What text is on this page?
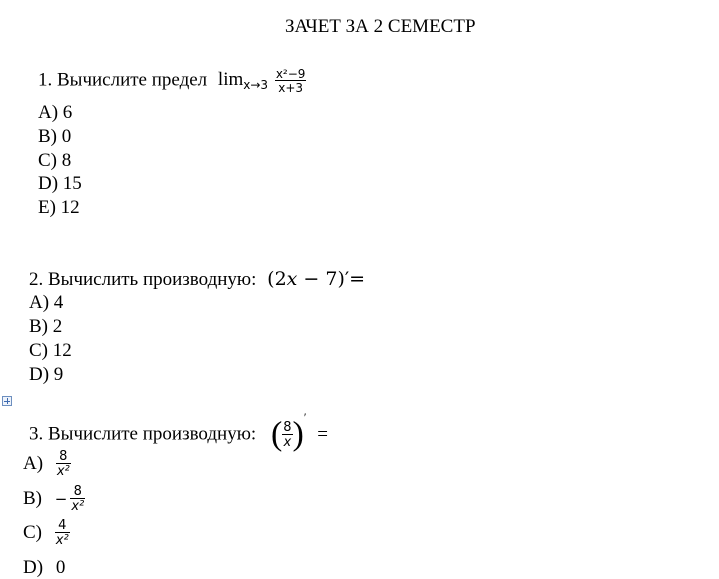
ЗАЧЕТ ЗА 2 СЕМЕСТР
1. Вычислите предел $\lim_{x\to 3} \frac{\text{x²−9}}{x+3}$
А) 6
В) 0
С) 8
D) 15
Е) 12
2. Вычислить производную: (2𝑥 − 7)′=
А) 4
В) 2
С) 12
D) 9
3. Вычислите производную: ( $\frac{8}{x} )'$ =
$А) \frac{8}{\text{x²}}$
$В) - \frac{8}{\text{x²}}$
$С) \frac{4}{\text{x²}}$
D) 0
